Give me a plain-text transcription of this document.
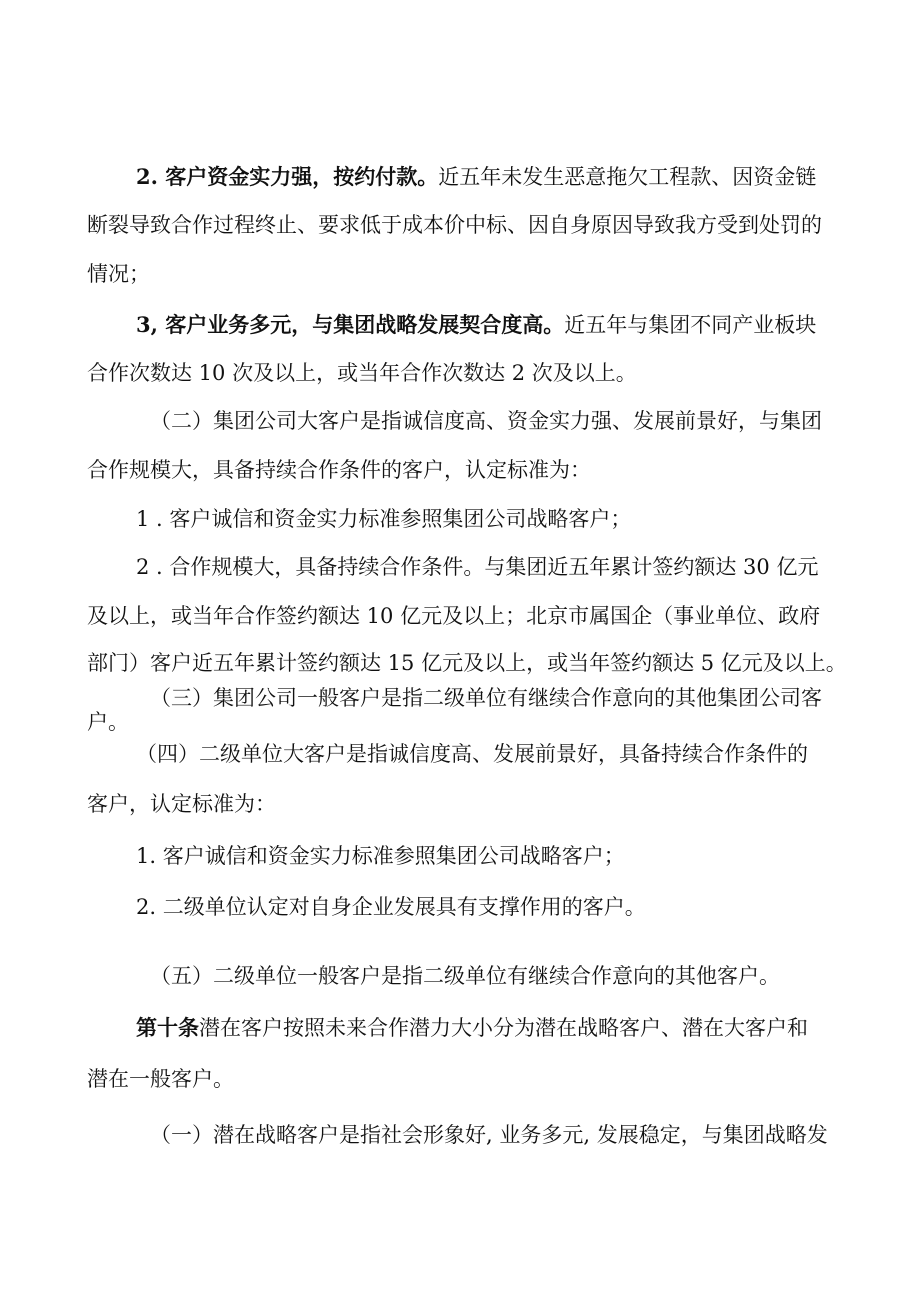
2. 客户资金实力强，按约付款。近五年未发生恶意拖欠工程款、因资金链
断裂导致合作过程终止、要求低于成本价中标、因自身原因导致我方受到处罚的
情况；
3, 客户业务多元，与集团战略发展契合度高。近五年与集团不同产业板块
合作次数达 10 次及以上，或当年合作次数达 2 次及以上。
（二）集团公司大客户是指诚信度高、资金实力强、发展前景好，与集团
合作规模大，具备持续合作条件的客户，认定标准为：
1 . 客户诚信和资金实力标准参照集团公司战略客户；
2 . 合作规模大，具备持续合作条件。与集团近五年累计签约额达 30 亿元
及以上，或当年合作签约额达 10 亿元及以上；北京市属国企（事业单位、政府
部门）客户近五年累计签约额达 15 亿元及以上，或当年签约额达 5 亿元及以上。
（三）集团公司一般客户是指二级单位有继续合作意向的其他集团公司客
户。
（四）二级单位大客户是指诚信度高、发展前景好，具备持续合作条件的
客户，认定标准为：
1. 客户诚信和资金实力标准参照集团公司战略客户；
2. 二级单位认定对自身企业发展具有支撑作用的客户。
（五）二级单位一般客户是指二级单位有继续合作意向的其他客户。
第十条潜在客户按照未来合作潜力大小分为潜在战略客户、潜在大客户和
潜在一般客户。
（一）潜在战略客户是指社会形象好, 业务多元, 发展稳定，与集团战略发
